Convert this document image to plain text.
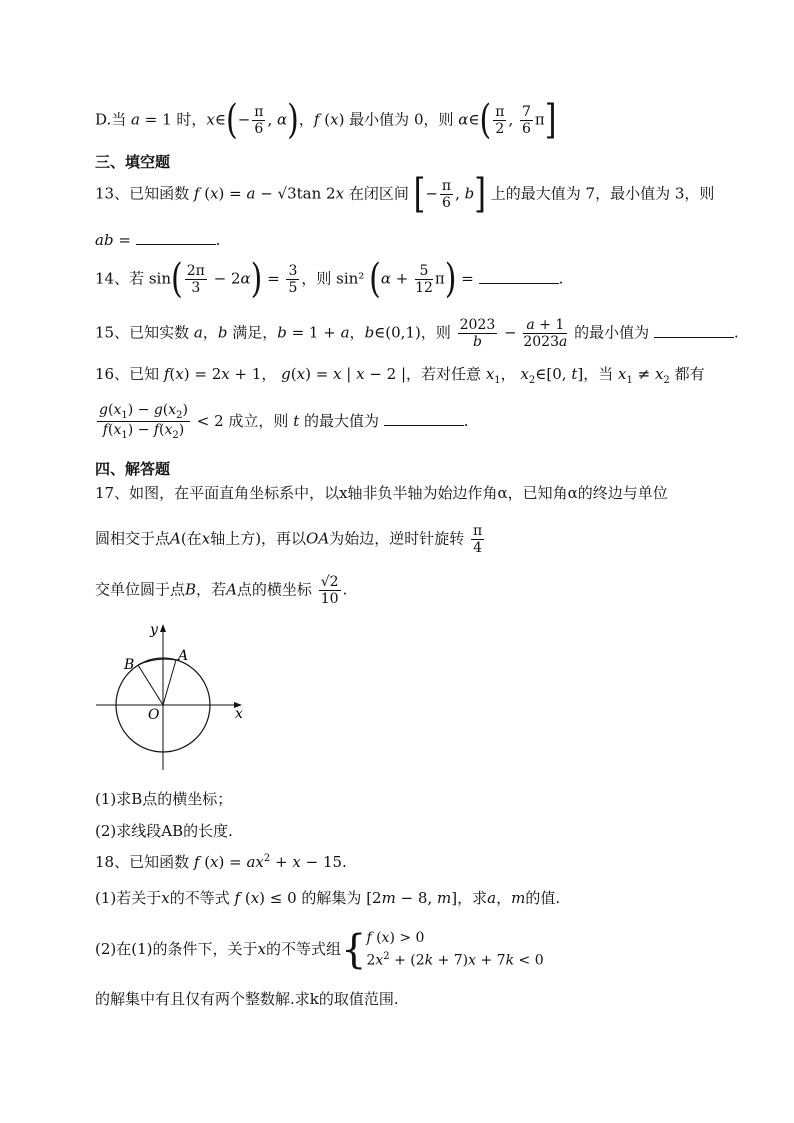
D.当 a = 1 时，x∈(− $\frac{\pi}{6}$ , α)，f (x) 最小值为 0，则 α∈( $\frac{\pi}{2}$ , $\frac{7}{6} \pi$]
三、填空题
13、已知函数 f (x) = a − √3tan 2x 在闭区间 [− $\frac{\pi}{6}$ , b] 上的最大值为 7，最小值为 3，则
ab =	.
14、若 $\sin( \frac{2\pi}{3} - 2\alpha) = \frac{3}{5}$ ，则 sin² $(\alpha + \frac{5}{12} \pi)$ =	.
15、已知实数 a，b 满足，b = 1 + a，b∈(0,1)，则 $\frac{2023}{b} - \frac{a + 1}{2023a}$ 的最小值为	.
16、已知 f(x) = 2x + 1， g(x) = x | x − 2 |，若对任意 $x_1$， $x_2\in[0$, t]，当 $x_1 \ne x_2$ 都有
$\frac{g(x_1) - g(x_2)}{f(x_1) - f(x_2)} < 2$ 成立，则 t 的最大值为	.
四、解答题
17、如图，在平面直角坐标系中，以x轴非负半轴为始边作角α，已知角α的终边与单位
圆相交于点A(在x轴上方)，再以OA为始边，逆时针旋转 $\frac{\pi}{4}$
交单位圆于点B，若A点的横坐标 $\frac{√2}{10}$ .
y
x
O
A
B
(1)求B点的横坐标；
(2)求线段AB的长度.
18、已知函数 f $(x) = ax^2 + x - 15$.
(1)若关于x的不等式 f (x) ≤ 0 的解集为 [2m − 8, m]，求a，m的值.
(2)在(1)的条件下，关于x的不等式组{ f (x) > 0
$2x^2 + (2k + 7)x + 7k < 0$
的解集中有且仅有两个整数解.求k的取值范围.
